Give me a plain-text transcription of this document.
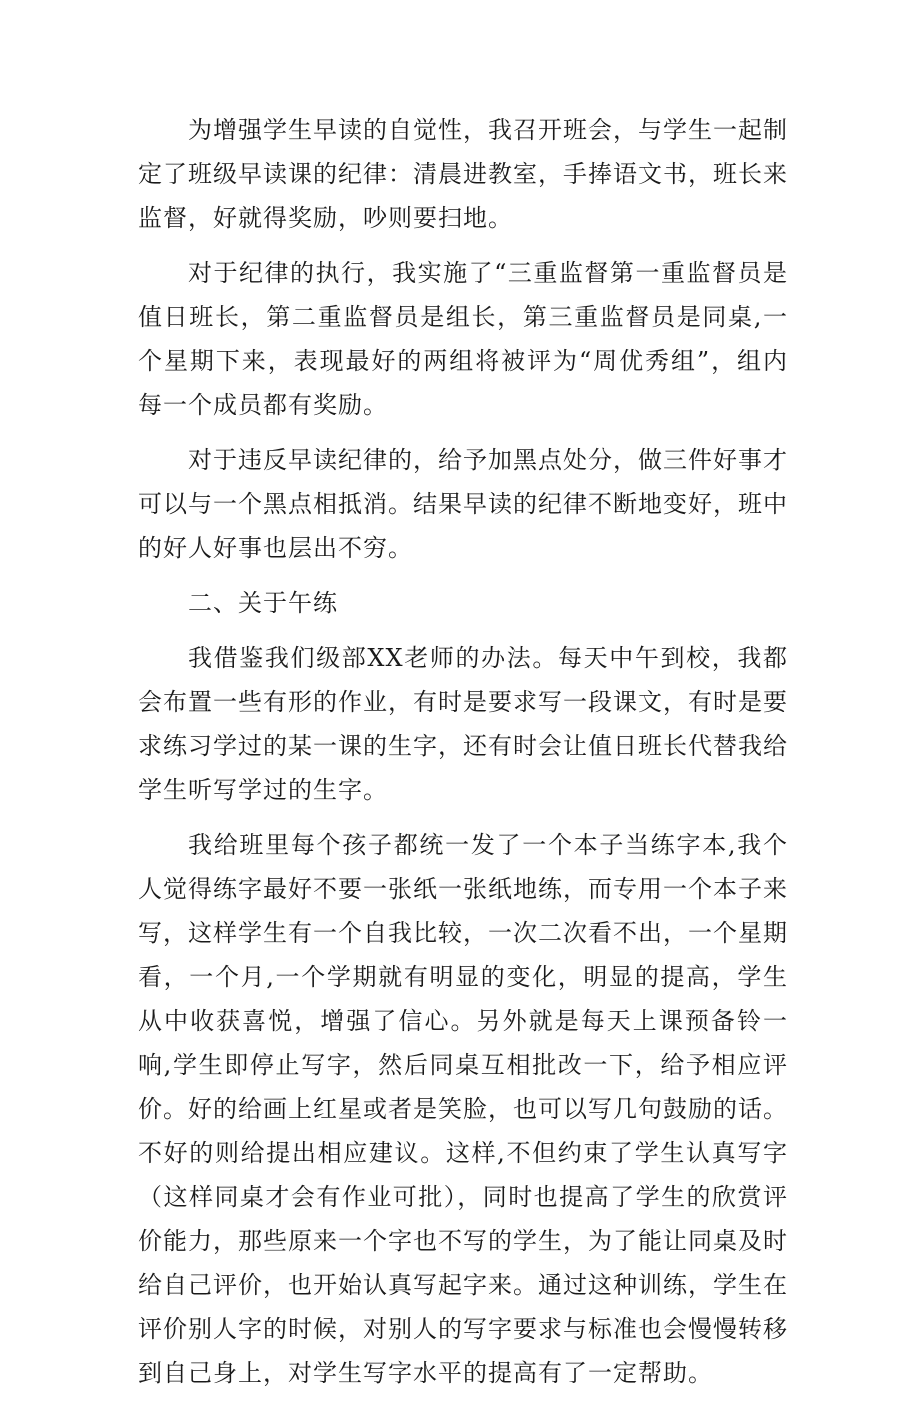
为增强学生早读的自觉性，我召开班会，与学生一起制定了班级早读课的纪律：清晨进教室，手捧语文书，班长来监督，好就得奖励，吵则要扫地。

对于纪律的执行，我实施了“三重监督第一重监督员是值日班长，第二重监督员是组长，第三重监督员是同桌,一个星期下来，表现最好的两组将被评为“周优秀组”，组内每一个成员都有奖励。

对于违反早读纪律的，给予加黑点处分，做三件好事才可以与一个黑点相抵消。结果早读的纪律不断地变好，班中的好人好事也层出不穷。

二、关于午练

我借鉴我们级部XX老师的办法。每天中午到校，我都会布置一些有形的作业，有时是要求写一段课文，有时是要求练习学过的某一课的生字，还有时会让值日班长代替我给学生听写学过的生字。

我给班里每个孩子都统一发了一个本子当练字本,我个人觉得练字最好不要一张纸一张纸地练，而专用一个本子来写，这样学生有一个自我比较，一次二次看不出，一个星期看，一个月,一个学期就有明显的变化，明显的提高，学生从中收获喜悦，增强了信心。另外就是每天上课预备铃一响,学生即停止写字，然后同桌互相批改一下，给予相应评价。好的给画上红星或者是笑脸，也可以写几句鼓励的话。不好的则给提出相应建议。这样,不但约束了学生认真写字（这样同桌才会有作业可批），同时也提高了学生的欣赏评价能力，那些原来一个字也不写的学生，为了能让同桌及时给自己评价，也开始认真写起字来。通过这种训练，学生在评价别人字的时候，对别人的写字要求与标准也会慢慢转移到自己身上，对学生写字水平的提高有了一定帮助。
